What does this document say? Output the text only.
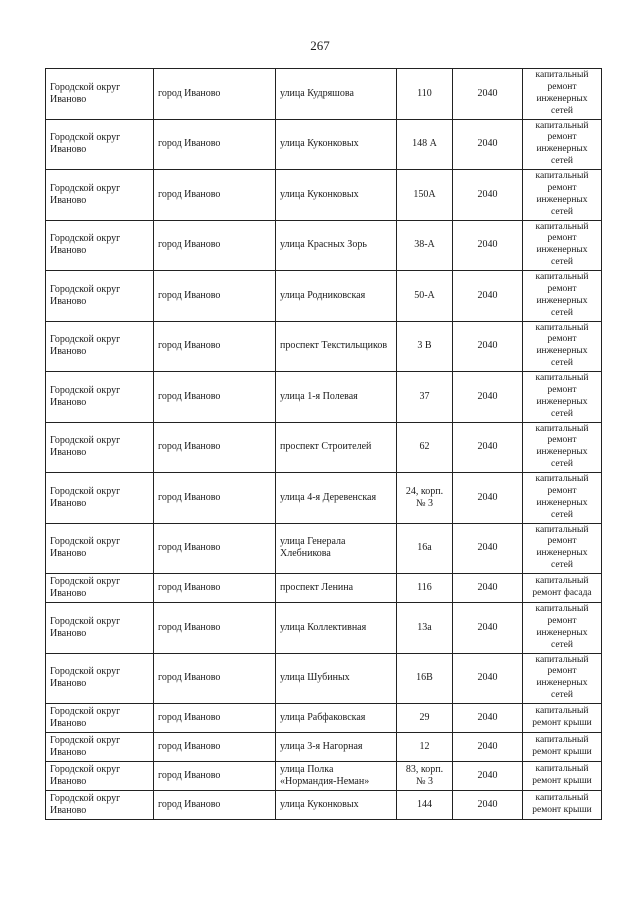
267
Городской округ Иваново	город Иваново	улица Кудряшова	110	2040	капитальный ремонт инженерных сетей
Городской округ Иваново	город Иваново	улица Куконковых	148 А	2040	капитальный ремонт инженерных сетей
Городской округ Иваново	город Иваново	улица Куконковых	150А	2040	капитальный ремонт инженерных сетей
Городской округ Иваново	город Иваново	улица Красных Зорь	38-А	2040	капитальный ремонт инженерных сетей
Городской округ Иваново	город Иваново	улица Родниковская	50-А	2040	капитальный ремонт инженерных сетей
Городской округ Иваново	город Иваново	проспект Текстильщиков	3 В	2040	капитальный ремонт инженерных сетей
Городской округ Иваново	город Иваново	улица 1-я Полевая	37	2040	капитальный ремонт инженерных сетей
Городской округ Иваново	город Иваново	проспект Строителей	62	2040	капитальный ремонт инженерных сетей
Городской округ Иваново	город Иваново	улица 4-я Деревенская	24, корп. № 3	2040	капитальный ремонт инженерных сетей
Городской округ Иваново	город Иваново	улица Генерала Хлебникова	16а	2040	капитальный ремонт инженерных сетей
Городской округ Иваново	город Иваново	проспект Ленина	116	2040	капитальный ремонт фасада
Городской округ Иваново	город Иваново	улица Коллективная	13а	2040	капитальный ремонт инженерных сетей
Городской округ Иваново	город Иваново	улица Шубиных	16В	2040	капитальный ремонт инженерных сетей
Городской округ Иваново	город Иваново	улица Рабфаковская	29	2040	капитальный ремонт крыши
Городской округ Иваново	город Иваново	улица 3-я Нагорная	12	2040	капитальный ремонт крыши
Городской округ Иваново	город Иваново	улица Полка «Нормандия-Неман»	83, корп. № 3	2040	капитальный ремонт крыши
Городской округ Иваново	город Иваново	улица Куконковых	144	2040	капитальный ремонт крыши
